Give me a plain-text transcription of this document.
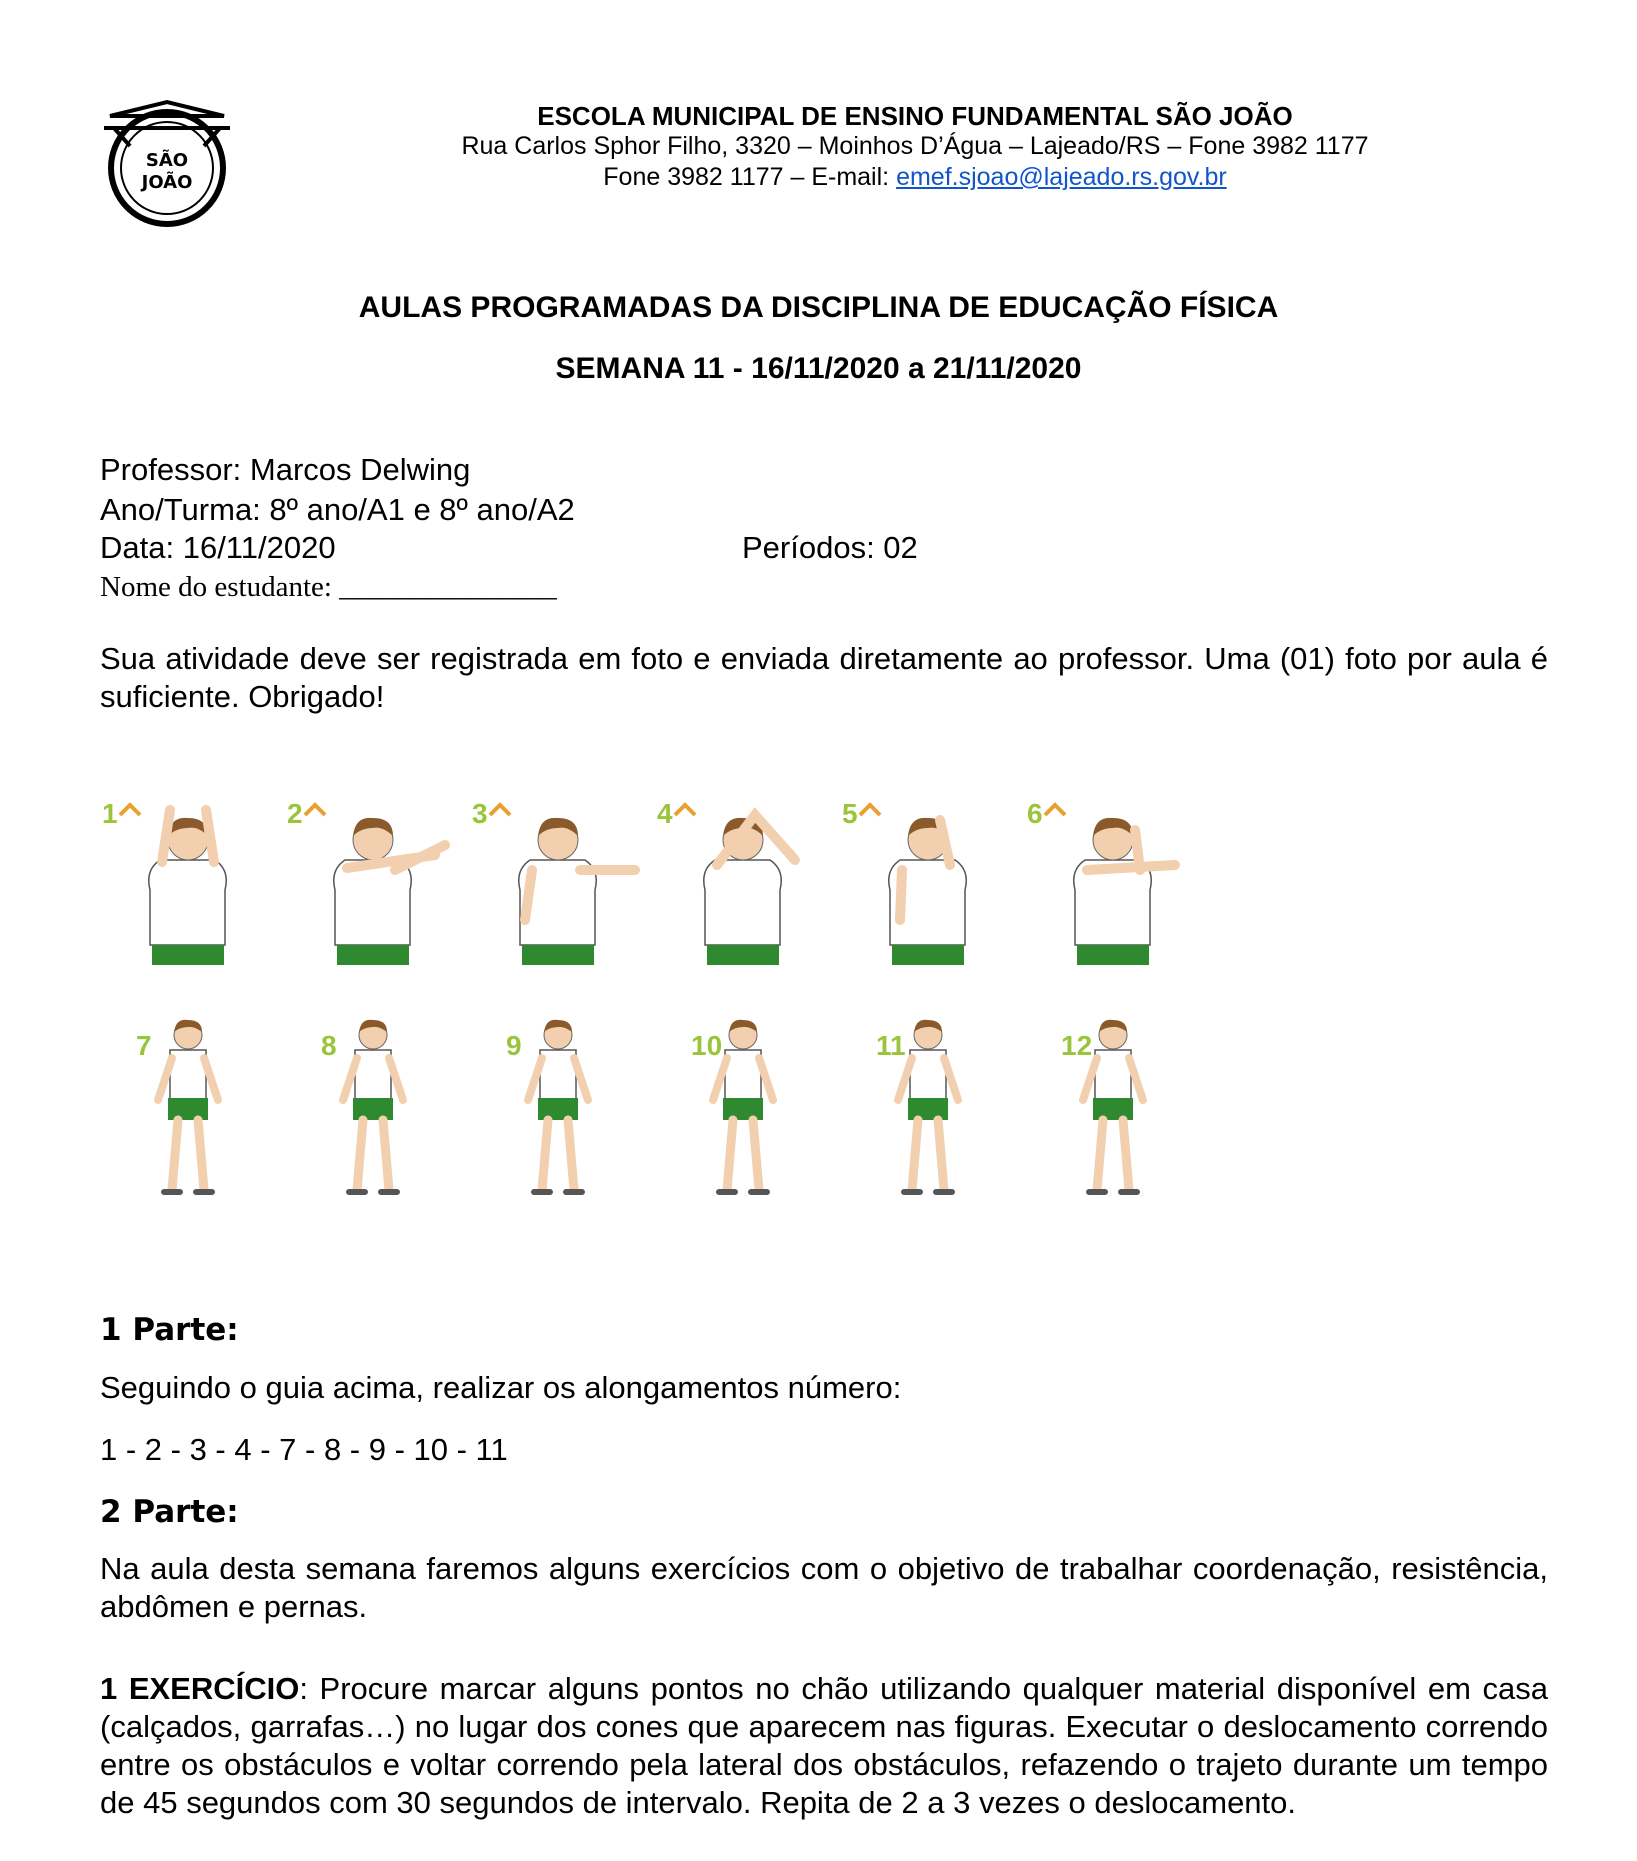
SÃO
JOÃO
ESCOLA MUNICIPAL DE ENSINO FUNDAMENTAL SÃO JOÃO
Rua Carlos Sphor Filho, 3320 – Moinhos D’Água – Lajeado/RS – Fone 3982 1177
Fone 3982 1177 – E-mail: emef.sjoao@lajeado.rs.gov.br
AULAS PROGRAMADAS DA DISCIPLINA DE EDUCAÇÃO FÍSICA
SEMANA 11 - 16/11/2020 a 21/11/2020
Professor: Marcos Delwing
Ano/Turma: 8º ano/A1 e 8º ano/A2
Data: 16/11/2020	Períodos: 02
Nome do estudante: _______________
Sua atividade deve ser registrada em foto e enviada diretamente ao professor. Uma (01) foto por aula é suficiente. Obrigado!
1	2	3	4	5	6
7	8	9	10	11	12
1 Parte:
Seguindo o guia acima, realizar os alongamentos número:
1 - 2 - 3 - 4 - 7 - 8 - 9 - 10 - 11
2 Parte:
Na aula desta semana faremos alguns exercícios com o objetivo de trabalhar coordenação, resistência, abdômen e pernas.
1 EXERCÍCIO: Procure marcar alguns pontos no chão utilizando qualquer material disponível em casa (calçados, garrafas…) no lugar dos cones que aparecem nas figuras. Executar o deslocamento correndo entre os obstáculos e voltar correndo pela lateral dos obstáculos, refazendo o trajeto durante um tempo de 45 segundos com 30 segundos de intervalo. Repita de 2 a 3 vezes o deslocamento.
